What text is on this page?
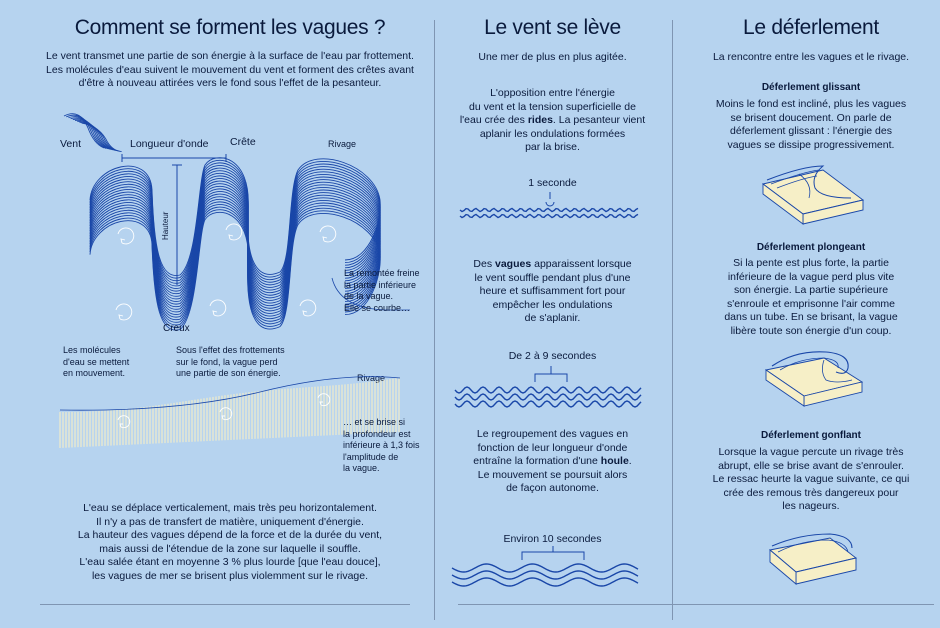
Comment se forment les vagues ?
Le vent transmet une partie de son énergie à la surface de l'eau par frottement.
Les molécules d'eau suivent le mouvement du vent et forment des crêtes avant
d'être à nouveau attirées vers le fond sous l'effet de la pesanteur.
Vent	Longueur d'onde Crête	Rivage
Hauteur
Creux
La remontée freine
la partie inférieure
de la vague.
Elle se courbe…
Les molécules
d'eau se mettent
en mouvement.
Sous l'effet des frottements
sur le fond, la vague perd
une partie de son énergie.	Rivage
… et se brise si
la profondeur est
inférieure à 1,3 fois
l'amplitude de
la vague.
L'eau se déplace verticalement, mais très peu horizontalement.
Il n'y a pas de transfert de matière, uniquement d'énergie.
La hauteur des vagues dépend de la force et de la durée du vent,
mais aussi de l'étendue de la zone sur laquelle il souffle.
L'eau salée étant en moyenne 3 % plus lourde [que l'eau douce],
les vagues de mer se brisent plus violemment sur le rivage.
Le vent se lève
Une mer de plus en plus agitée.
L'opposition entre l'énergie
du vent et la tension superficielle de
l'eau crée des rides. La pesanteur vient
aplanir les ondulations formées
par la brise.
1 seconde
Des vagues apparaissent lorsque
le vent souffle pendant plus d'une
heure et suffisamment fort pour
empêcher les ondulations
de s'aplanir.
De 2 à 9 secondes
Le regroupement des vagues en
fonction de leur longueur d'onde
entraîne la formation d'une houle.
Le mouvement se poursuit alors
de façon autonome.
Environ 10 secondes
Le déferlement
La rencontre entre les vagues et le rivage.
Déferlement glissant
Moins le fond est incliné, plus les vagues
se brisent doucement. On parle de
déferlement glissant : l'énergie des
vagues se dissipe progressivement.
Déferlement plongeant
Si la pente est plus forte, la partie
inférieure de la vague perd plus vite
son énergie. La partie supérieure
s'enroule et emprisonne l'air comme
dans un tube. En se brisant, la vague
libère toute son énergie d'un coup.
Déferlement gonflant
Lorsque la vague percute un rivage très
abrupt, elle se brise avant de s'enrouler.
Le ressac heurte la vague suivante, ce qui
crée des remous très dangereux pour
les nageurs.
